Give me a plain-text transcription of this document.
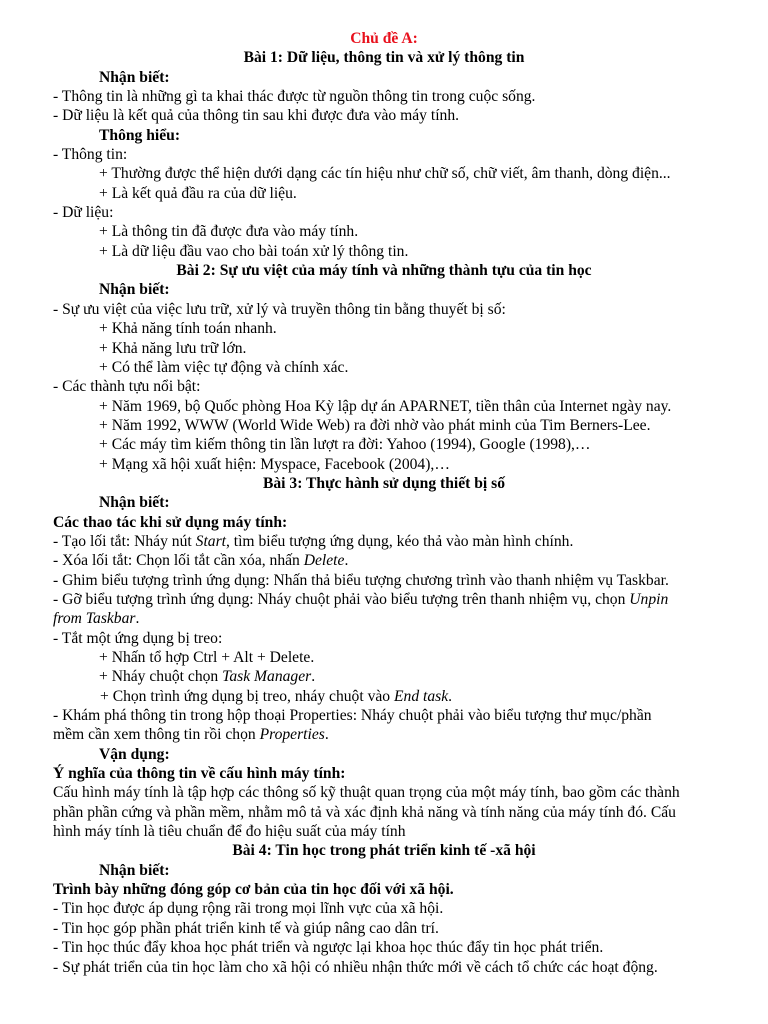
Chủ đề A:
Bài 1: Dữ liệu, thông tin và xử lý thông tin
Nhận biết:
- Thông tin là những gì ta khai thác được từ nguồn thông tin trong cuộc sống.
- Dữ liệu là kết quả của thông tin sau khi được đưa vào máy tính.
Thông hiểu:
- Thông tin:
+ Thường được thể hiện dưới dạng các tín hiệu như chữ số, chữ viết, âm thanh, dòng điện...
+ Là kết quả đầu ra của dữ liệu.
- Dữ liệu:
+ Là thông tin đã được đưa vào máy tính.
+ Là dữ liệu đầu vao cho bài toán xử lý thông tin.
Bài 2: Sự ưu việt của máy tính và những thành tựu của tin học
Nhận biết:
- Sự ưu việt của việc lưu trữ, xử lý và truyền thông tin bằng thuyết bị số:
+ Khả năng tính toán nhanh.
+ Khả năng lưu trữ lớn.
+ Có thể làm việc tự động và chính xác.
- Các thành tựu nổi bật:
+ Năm 1969, bộ Quốc phòng Hoa Kỳ lập dự án APARNET, tiền thân của Internet ngày nay.
+ Năm 1992, WWW (World Wide Web) ra đời nhờ vào phát minh của Tim Berners-Lee.
+ Các máy tìm kiếm thông tin lần lượt ra đời: Yahoo (1994), Google (1998),…
+ Mạng xã hội xuất hiện: Myspace, Facebook (2004),…
Bài 3: Thực hành sử dụng thiết bị số
Nhận biết:
Các thao tác khi sử dụng máy tính:
- Tạo lối tắt: Nháy nút Start, tìm biểu tượng ứng dụng, kéo thả vào màn hình chính.
- Xóa lối tắt: Chọn lối tắt cần xóa, nhấn Delete.
- Ghim biểu tượng trình ứng dụng: Nhấn thả biểu tượng chương trình vào thanh nhiệm vụ Taskbar.
- Gỡ biểu tượng trình ứng dụng: Nháy chuột phải vào biểu tượng trên thanh nhiệm vụ, chọn Unpin
from Taskbar.
- Tắt một ứng dụng bị treo:
+ Nhấn tổ hợp Ctrl + Alt + Delete.
+ Nháy chuột chọn Task Manager.
+ Chọn trình ứng dụng bị treo, nháy chuột vào End task.
- Khám phá thông tin trong hộp thoại Properties: Nháy chuột phải vào biểu tượng thư mục/phần
mềm cần xem thông tin rồi chọn Properties.
Vận dụng:
Ý nghĩa của thông tin về cấu hình máy tính:
Cấu hình máy tính là tập hợp các thông số kỹ thuật quan trọng của một máy tính, bao gồm các thành
phần phần cứng và phần mềm, nhằm mô tả và xác định khả năng và tính năng của máy tính đó. Cấu
hình máy tính là tiêu chuẩn để đo hiệu suất của máy tính
Bài 4: Tin học trong phát triển kinh tế -xã hội
Nhận biết:
Trình bày những đóng góp cơ bản của tin học đối với xã hội.
- Tin học được áp dụng rộng rãi trong mọi lĩnh vực của xã hội.
- Tin học góp phần phát triển kinh tế và giúp nâng cao dân trí.
- Tin học thúc đẩy khoa học phát triển và ngược lại khoa học thúc đẩy tin học phát triển.
- Sự phát triển của tin học làm cho xã hội có nhiều nhận thức mới về cách tổ chức các hoạt động.
